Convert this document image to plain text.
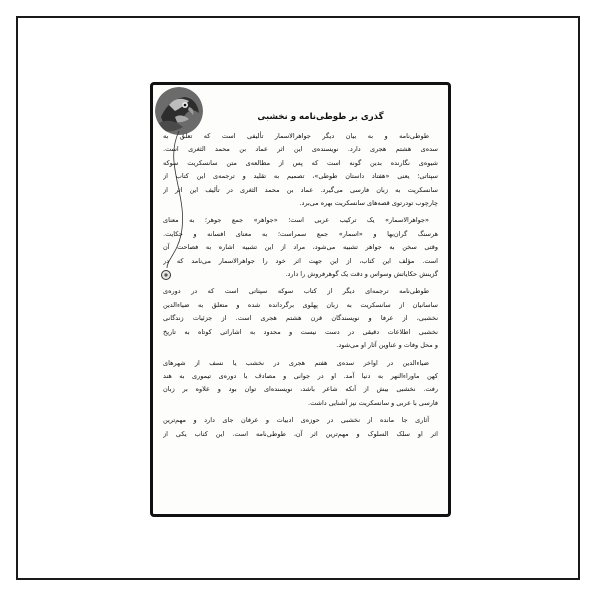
گذری بر طوطی‌نامه و نخشبی
طوطی‌نامه و به بیان دیگر جواهرالاسمار تألیفی است که تعلق به
سده‌ی هشتم هجری دارد. نویسنده‌ی این اثر عماد بن محمد الثغری است.
شیوه‌ی نگارنده بدین گونه است که پس از مطالعه‌ی متن سانسکریت سوکه
سپتاتی؛ یعنی «هفتاد داستان طوطی»، تصمیم به تقلید و ترجمه‌ی این کتاب از
سانسکریت به زبان فارسی می‌گیرد. عماد بن محمد الثغری در تألیف این اثر از
چارچوب تودرتوی قصه‌های سانسکریت بهره می‌برد.
«جواهرالاسمار» یک ترکیب عربی است؛ «جواهر» جمع جوهر؛ به معنای
هرسنگ گران‌بها و «اسمار» جمع سمراست؛ به معنای افسانه و حکایت.
وقتی سخن به جواهر تشبیه می‌شود، مراد از این تشبیه اشاره به فصاحت آن
است. مؤلف این کتاب، از این جهت اثر خود را جواهرالاسمار می‌نامد که در
گزینش حکایاتش وسواس و دقت یک گوهرفروش را دارد.
طوطی‌نامه ترجمه‌ای دیگر از کتاب سوکه سپتاتی است که در دوره‌ی
ساسانیان از سانسکریت به زبان پهلوی برگردانده شده و متعلق به ضیاءالدین
نخشبی، از عرفا و نویسندگان قرن هشتم هجری است. از جزئیات زندگانی
نخشبی اطلاعات دقیقی در دست نیست و محدود به اشاراتی کوتاه به تاریخ
و محل وفات و عناوین آثار او می‌شود.
ضیاءالدین در اواخر سده‌ی هفتم هجری در نخشب یا نسف از شهرهای
کهن ماوراءالنهر به دنیا آمد. او در جوانی و مصادف با دوره‌ی تیموری به هند
رفت. نخشبی بیش از آنکه شاعر باشد، نویسنده‌ای توان بود و علاوه بر زبان
فارسی با عربی و سانسکریت نیز آشنایی داشت.
آثاری جا مانده از نخشبی در حوزه‌ی ادبیات و عرفان جای دارد و مهم‌ترین
اثر او سلک السلوک و مهم‌ترین اثر آن، طوطی‌نامه است. این کتاب یکی از
